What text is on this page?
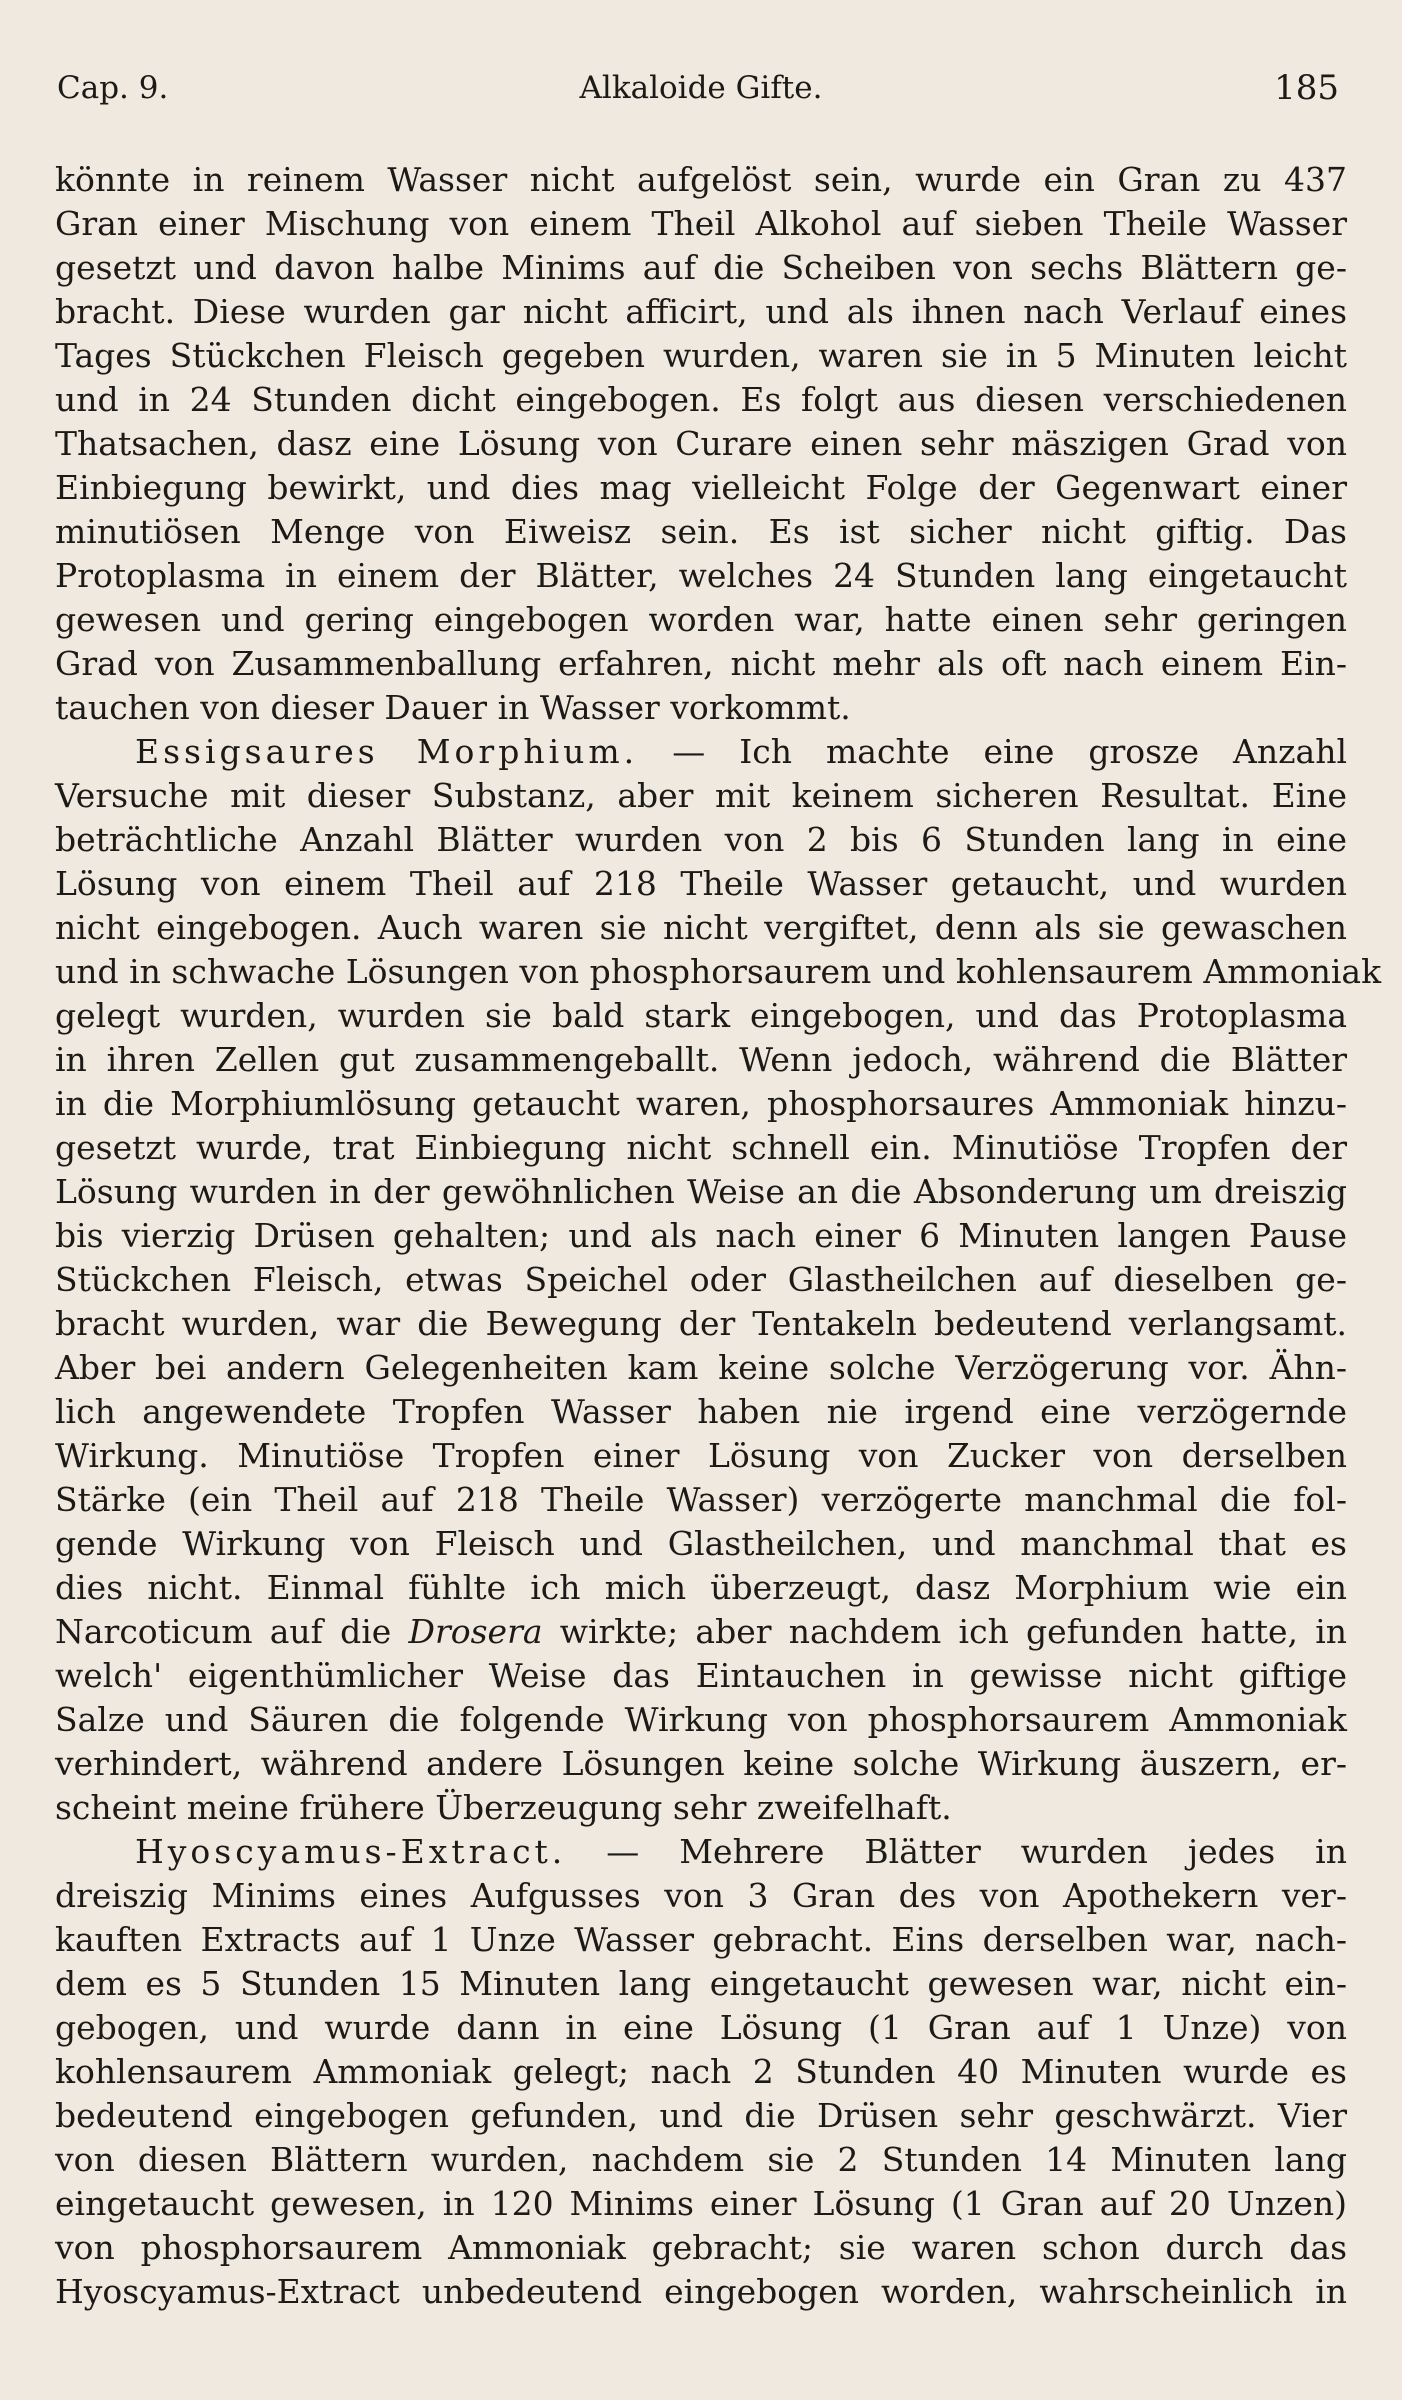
Cap. 9.	Alkaloide Gifte.	185
könnte in reinem Wasser nicht aufgelöst sein, wurde ein Gran zu 437
Gran einer Mischung von einem Theil Alkohol auf sieben Theile Wasser
gesetzt und davon halbe Minims auf die Scheiben von sechs Blättern ge-
bracht. Diese wurden gar nicht afficirt, und als ihnen nach Verlauf eines
Tages Stückchen Fleisch gegeben wurden, waren sie in 5 Minuten leicht
und in 24 Stunden dicht eingebogen. Es folgt aus diesen verschiedenen
Thatsachen, dasz eine Lösung von Curare einen sehr mäszigen Grad von
Einbiegung bewirkt, und dies mag vielleicht Folge der Gegenwart einer
minutiösen Menge von Eiweisz sein. Es ist sicher nicht giftig. Das
Protoplasma in einem der Blätter, welches 24 Stunden lang eingetaucht
gewesen und gering eingebogen worden war, hatte einen sehr geringen
Grad von Zusammenballung erfahren, nicht mehr als oft nach einem Ein-
tauchen von dieser Dauer in Wasser vorkommt.
Essigsaures Morphium. — Ich machte eine grosze Anzahl
Versuche mit dieser Substanz, aber mit keinem sicheren Resultat. Eine
beträchtliche Anzahl Blätter wurden von 2 bis 6 Stunden lang in eine
Lösung von einem Theil auf 218 Theile Wasser getaucht, und wurden
nicht eingebogen. Auch waren sie nicht vergiftet, denn als sie gewaschen
und in schwache Lösungen von phosphorsaurem und kohlensaurem Ammoniak
gelegt wurden, wurden sie bald stark eingebogen, und das Protoplasma
in ihren Zellen gut zusammengeballt. Wenn jedoch, während die Blätter
in die Morphiumlösung getaucht waren, phosphorsaures Ammoniak hinzu-
gesetzt wurde, trat Einbiegung nicht schnell ein. Minutiöse Tropfen der
Lösung wurden in der gewöhnlichen Weise an die Absonderung um dreiszig
bis vierzig Drüsen gehalten; und als nach einer 6 Minuten langen Pause
Stückchen Fleisch, etwas Speichel oder Glastheilchen auf dieselben ge-
bracht wurden, war die Bewegung der Tentakeln bedeutend verlangsamt.
Aber bei andern Gelegenheiten kam keine solche Verzögerung vor. Ähn-
lich angewendete Tropfen Wasser haben nie irgend eine verzögernde
Wirkung. Minutiöse Tropfen einer Lösung von Zucker von derselben
Stärke (ein Theil auf 218 Theile Wasser) verzögerte manchmal die fol-
gende Wirkung von Fleisch und Glastheilchen, und manchmal that es
dies nicht. Einmal fühlte ich mich überzeugt, dasz Morphium wie ein
Narcoticum auf die Drosera wirkte; aber nachdem ich gefunden hatte, in
welch' eigenthümlicher Weise das Eintauchen in gewisse nicht giftige
Salze und Säuren die folgende Wirkung von phosphorsaurem Ammoniak
verhindert, während andere Lösungen keine solche Wirkung äuszern, er-
scheint meine frühere Überzeugung sehr zweifelhaft.
Hyoscyamus-Extract. — Mehrere Blätter wurden jedes in
dreiszig Minims eines Aufgusses von 3 Gran des von Apothekern ver-
kauften Extracts auf 1 Unze Wasser gebracht. Eins derselben war, nach-
dem es 5 Stunden 15 Minuten lang eingetaucht gewesen war, nicht ein-
gebogen, und wurde dann in eine Lösung (1 Gran auf 1 Unze) von
kohlensaurem Ammoniak gelegt; nach 2 Stunden 40 Minuten wurde es
bedeutend eingebogen gefunden, und die Drüsen sehr geschwärzt. Vier
von diesen Blättern wurden, nachdem sie 2 Stunden 14 Minuten lang
eingetaucht gewesen, in 120 Minims einer Lösung (1 Gran auf 20 Unzen)
von phosphorsaurem Ammoniak gebracht; sie waren schon durch das
Hyoscyamus-Extract unbedeutend eingebogen worden, wahrscheinlich in
